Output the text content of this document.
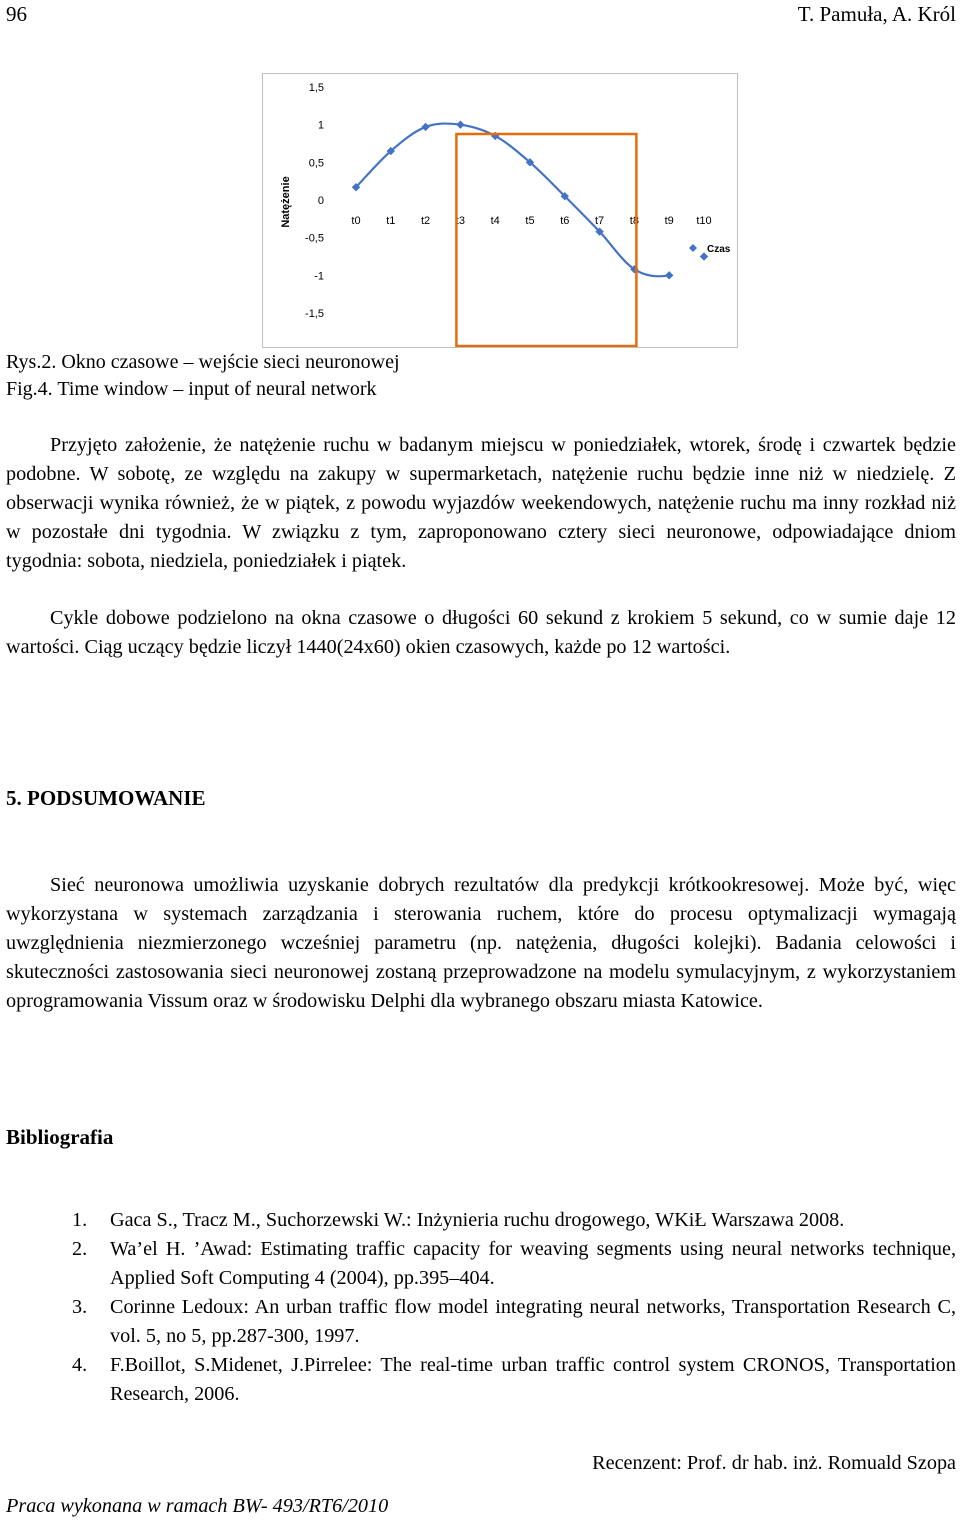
96	T. Pamuła, A. Król
Natężenie
1,5
1
0,5
0
-0,5
-1
-1,5
t0 t1 t2 t3 t4 t5 t6 t7 t8 t9 t10
Czas
Rys.2. Okno czasowe – wejście sieci neuronowej
Fig.4. Time window – input of neural network

Przyjęto założenie, że natężenie ruchu w badanym miejscu w poniedziałek, wtorek, środę i czwartek będzie podobne. W sobotę, ze względu na zakupy w supermarketach, natężenie ruchu będzie inne niż w niedzielę. Z obserwacji wynika również, że w piątek, z powodu wyjazdów weekendowych, natężenie ruchu ma inny rozkład niż w pozostałe dni tygodnia. W związku z tym, zaproponowano cztery sieci neuronowe, odpowiadające dniom tygodnia: sobota, niedziela, poniedziałek i piątek.

Cykle dobowe podzielono na okna czasowe o długości 60 sekund z krokiem 5 sekund, co w sumie daje 12 wartości. Ciąg uczący będzie liczył 1440(24x60) okien czasowych, każde po 12 wartości.

5. PODSUMOWANIE

Sieć neuronowa umożliwia uzyskanie dobrych rezultatów dla predykcji krótkookresowej. Może być, więc wykorzystana w systemach zarządzania i sterowania ruchem, które do procesu optymalizacji wymagają uwzględnienia niezmierzonego wcześniej parametru (np. natężenia, długości kolejki). Badania celowości i skuteczności zastosowania sieci neuronowej zostaną przeprowadzone na modelu symulacyjnym, z wykorzystaniem oprogramowania Vissum oraz w środowisku Delphi dla wybranego obszaru miasta Katowice.

Bibliografia
1. Gaca S., Tracz M., Suchorzewski W.: Inżynieria ruchu drogowego, WKiŁ Warszawa 2008.
2. Wa’el H. ’Awad: Estimating traffic capacity for weaving segments using neural networks technique, Applied Soft Computing 4 (2004), pp.395–404.
3. Corinne Ledoux: An urban traffic flow model integrating neural networks, Transportation Research C, vol. 5, no 5, pp.287-300, 1997.
4. F.Boillot, S.Midenet, J.Pirrelee: The real-time urban traffic control system CRONOS, Transportation Research, 2006.
Recenzent: Prof. dr hab. inż. Romuald Szopa
Praca wykonana w ramach BW- 493/RT6/2010
